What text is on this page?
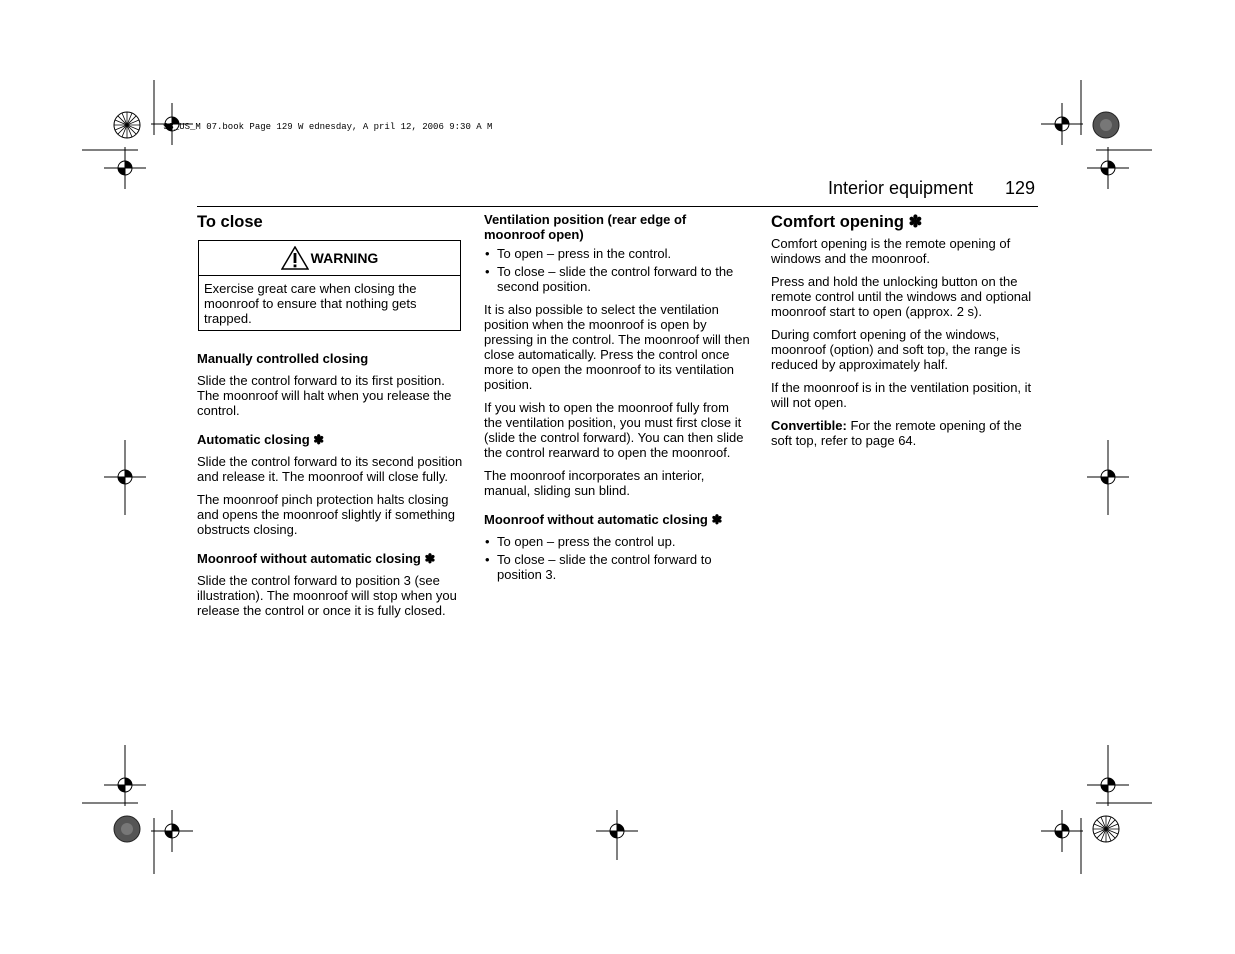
93_US_M 07.book Page 129 W ednesday, A pril 12, 2006 9:30 A M
Interior equipment 129
To close
WARNING

Exercise great care when closing the moonroof to ensure that nothing gets trapped.

Manually controlled closing

Slide the control forward to its first position. The moonroof will halt when you release the control.

Automatic closing ✽

Slide the control forward to its second position and release it. The moonroof will close fully.

The moonroof pinch protection halts closing and opens the moonroof slightly if something obstructs closing.

Moonroof without automatic closing ✽

Slide the control forward to position 3 (see illustration). The moonroof will stop when you release the control or once it is fully closed.

Ventilation position (rear edge of moonroof open)
• To open – press in the control.
• To close – slide the control forward to the second position.

It is also possible to select the ventilation position when the moonroof is open by pressing in the control. The moonroof will then close automatically. Press the control once more to open the moonroof to its ventilation position.

If you wish to open the moonroof fully from the ventilation position, you must first close it (slide the control forward). You can then slide the control rearward to open the moonroof.

The moonroof incorporates an interior, manual, sliding sun blind.

Moonroof without automatic closing ✽
• To open – press the control up.
• To close – slide the control forward to position 3.
Comfort opening ✽

Comfort opening is the remote opening of windows and the moonroof.

Press and hold the unlocking button on the remote control until the windows and optional moonroof start to open (approx. 2 s).

During comfort opening of the windows, moonroof (option) and soft top, the range is reduced by approximately half.

If the moonroof is in the ventilation position, it will not open.

Convertible: For the remote opening of the soft top, refer to page 64.
